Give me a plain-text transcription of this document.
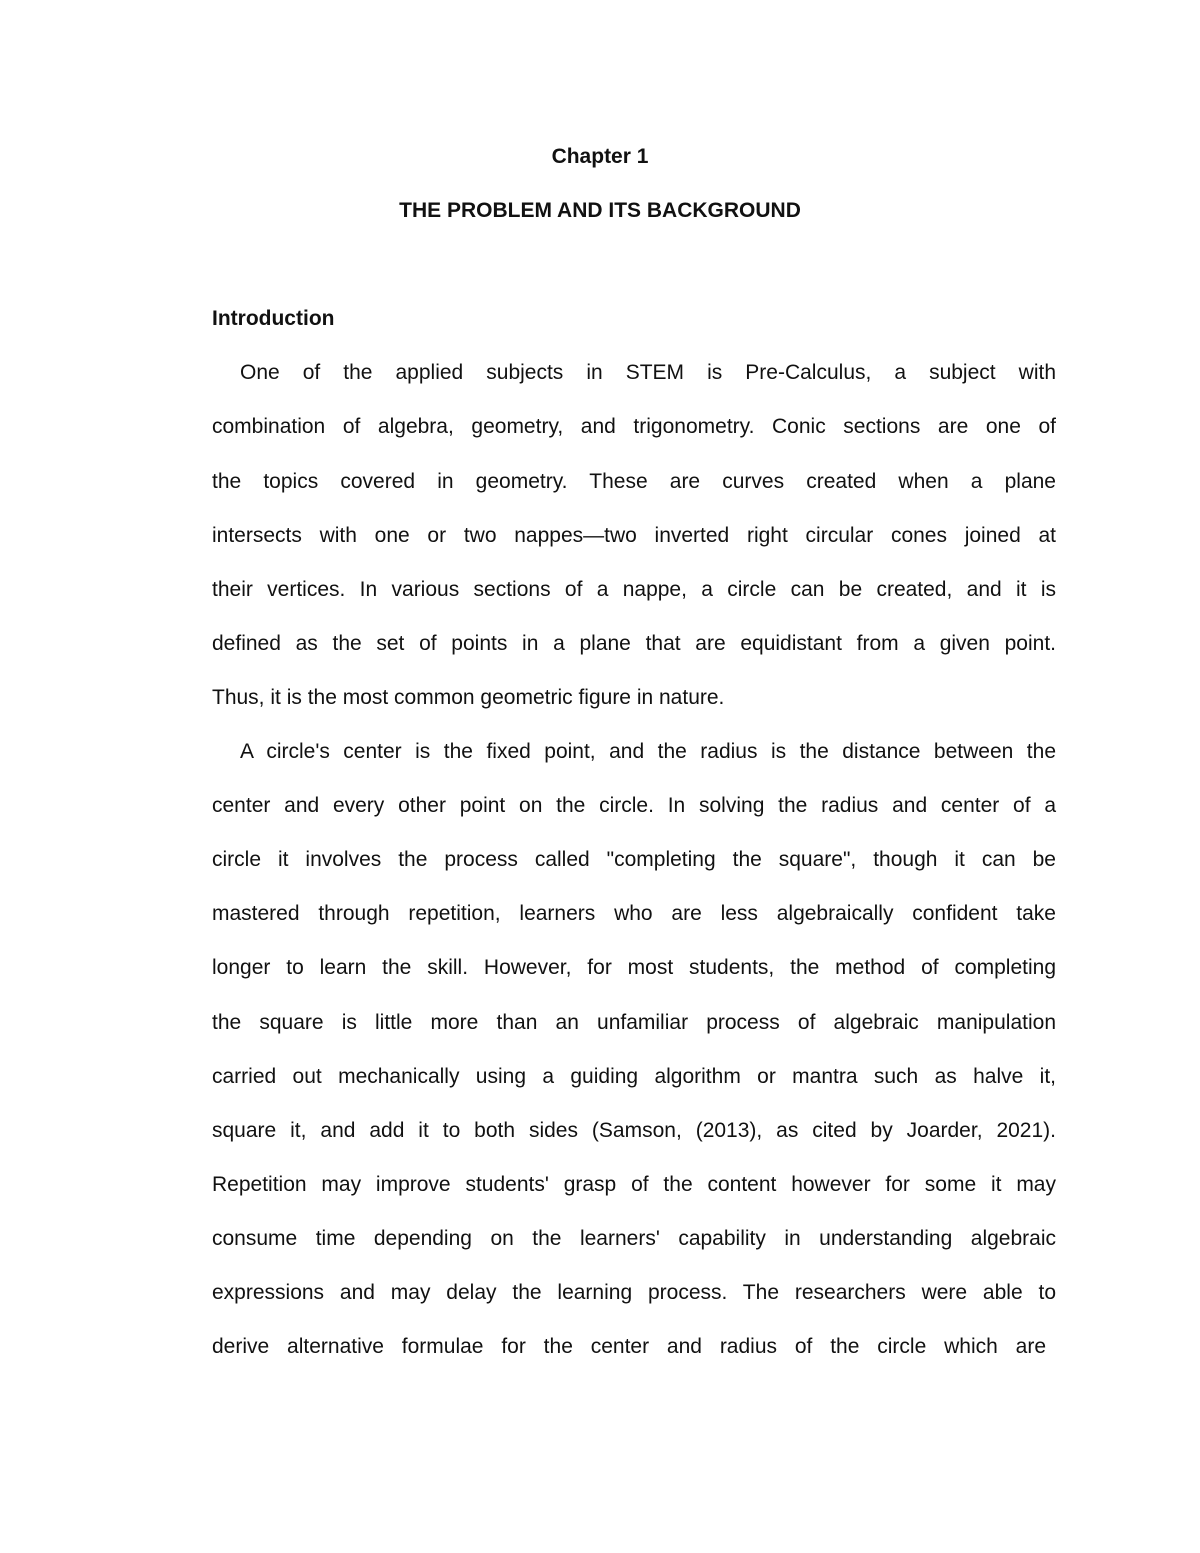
Chapter 1

THE PROBLEM AND ITS BACKGROUND

Introduction

One of the applied subjects in STEM is Pre-Calculus, a subject with

combination of algebra, geometry, and trigonometry. Conic sections are one of

the topics covered in geometry. These are curves created when a plane

intersects with one or two nappes—two inverted right circular cones joined at

their vertices. In various sections of a nappe, a circle can be created, and it is

defined as the set of points in a plane that are equidistant from a given point.

Thus, it is the most common geometric figure in nature.

A circle's center is the fixed point, and the radius is the distance between the

center and every other point on the circle. In solving the radius and center of a

circle it involves the process called "completing the square", though it can be

mastered through repetition, learners who are less algebraically confident take

longer to learn the skill. However, for most students, the method of completing

the square is little more than an unfamiliar process of algebraic manipulation

carried out mechanically using a guiding algorithm or mantra such as halve it,

square it, and add it to both sides (Samson, (2013), as cited by Joarder, 2021).

Repetition may improve students' grasp of the content however for some it may

consume time depending on the learners' capability in understanding algebraic

expressions and may delay the learning process. The researchers were able to

derive alternative formulae for the center and radius of the circle which are
